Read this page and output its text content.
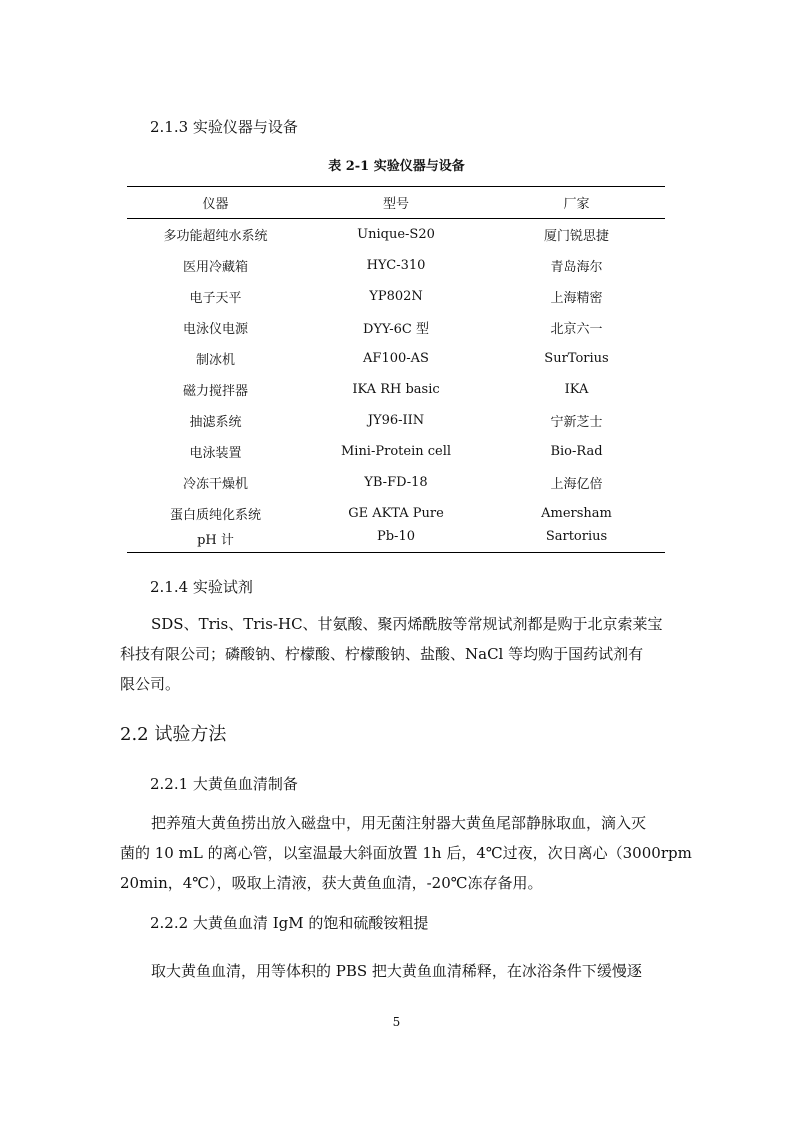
2.1.3 实验仪器与设备
表 2-1 实验仪器与设备
仪器	型号	厂家
多功能超纯水系统	Unique-S20	厦门锐思捷
医用冷藏箱	HYC-310	青岛海尔
电子天平	YP802N	上海精密
电泳仪电源	DYY-6C 型	北京六一
制冰机	AF100-AS	SurTorius
磁力搅拌器	IKA RH basic	IKA
抽滤系统	JY96-IIN	宁新芝士
电泳装置	Mini-Protein cell	Bio-Rad
冷冻干燥机	YB-FD-18	上海亿倍
蛋白质纯化系统	GE AKTA Pure	Amersham
pH 计	Pb-10	Sartorius
2.1.4 实验试剂

SDS、Tris、Tris-HC、甘氨酸、聚丙烯酰胺等常规试剂都是购于北京索莱宝

科技有限公司；磷酸钠、柠檬酸、柠檬酸钠、盐酸、NaCl 等均购于国药试剂有

限公司。

2.2 试验方法
2.2.1 大黄鱼血清制备

把养殖大黄鱼捞出放入磁盘中，用无菌注射器大黄鱼尾部静脉取血，滴入灭

菌的 10 mL 的离心管，以室温最大斜面放置 1h 后，4℃过夜，次日离心（3000rpm

20min，4℃），吸取上清液，获大黄鱼血清，-20℃冻存备用。

2.2.2 大黄鱼血清 IgM 的饱和硫酸铵粗提

取大黄鱼血清，用等体积的 PBS 把大黄鱼血清稀释，在冰浴条件下缓慢逐

5
